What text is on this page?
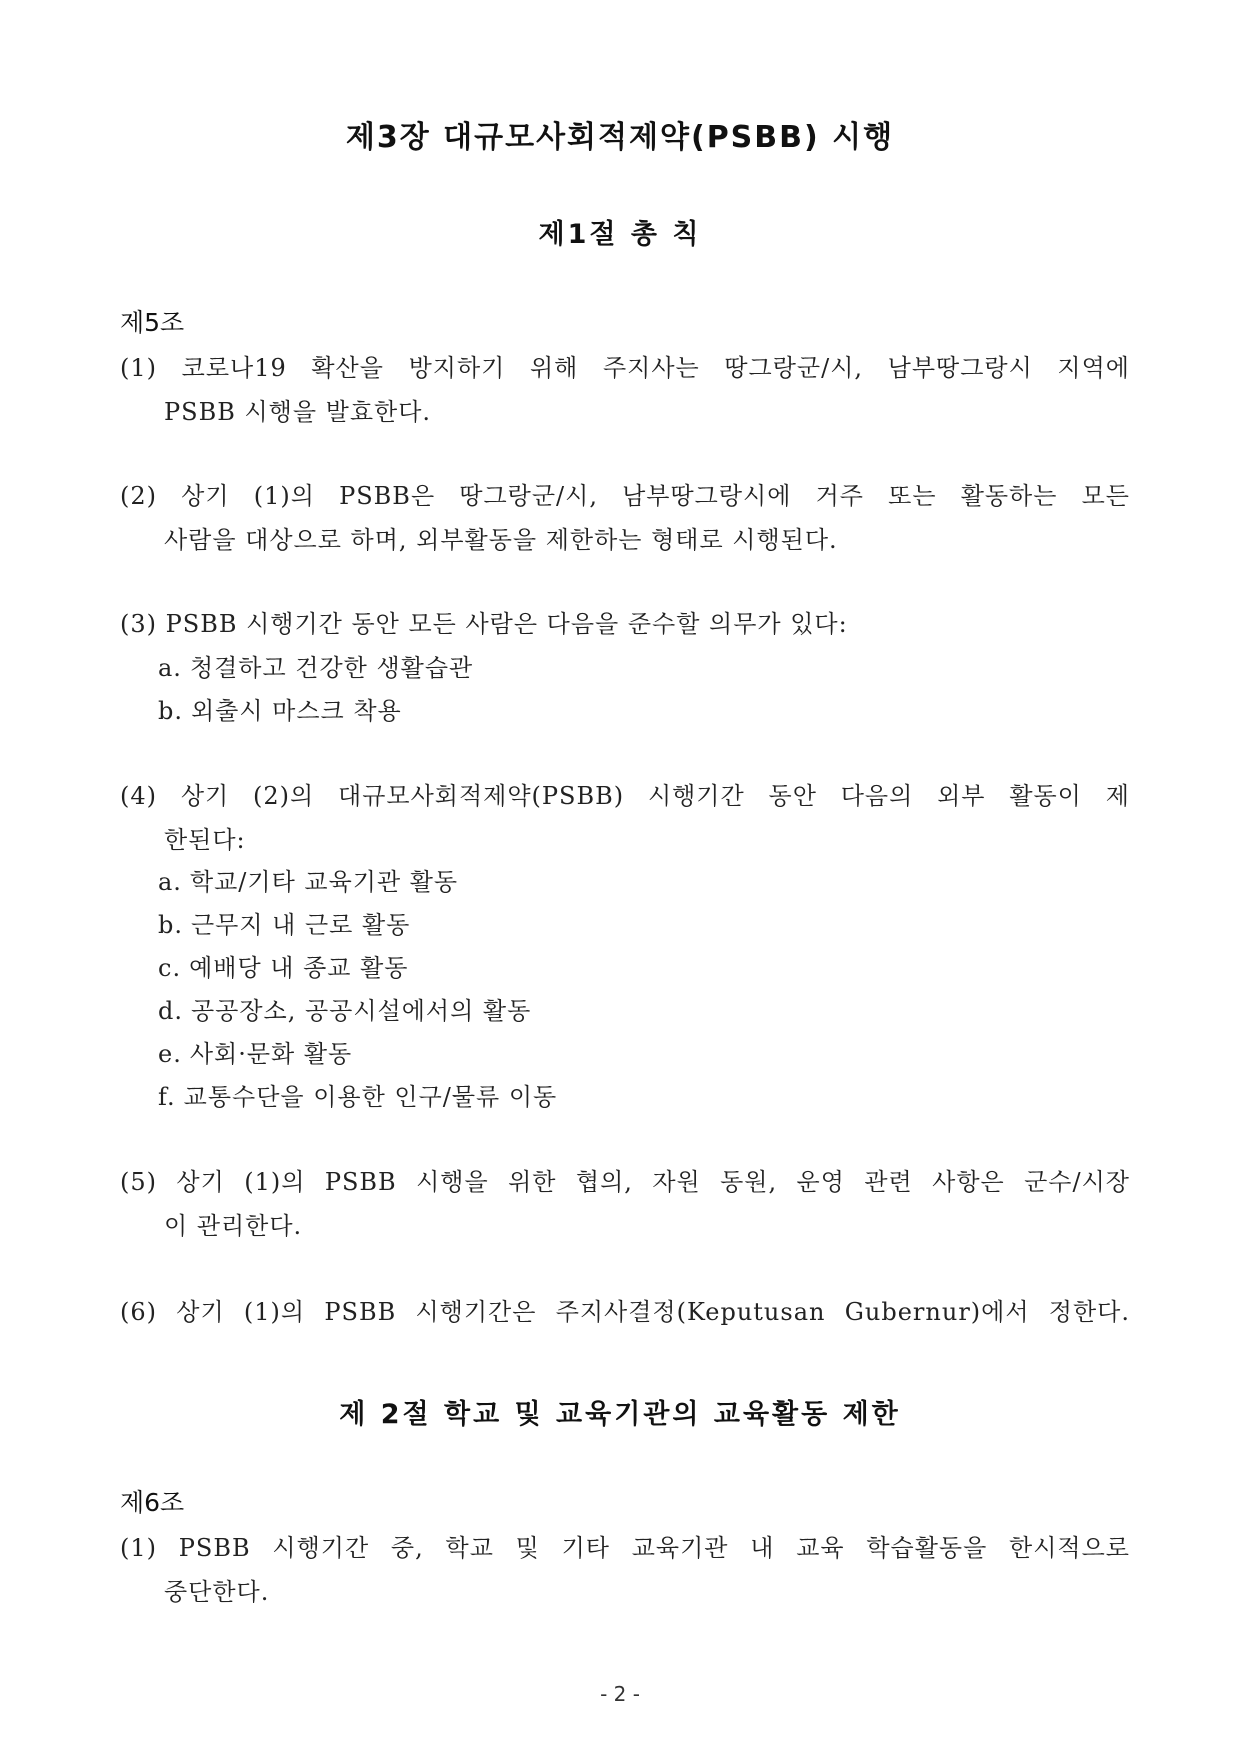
제3장 대규모사회적제약(PSBB) 시행
제1절 총 칙
제5조
(1) 코로나19 확산을 방지하기 위해 주지사는 땅그랑군/시, 남부땅그랑시 지역에
PSBB 시행을 발효한다.
(2) 상기 (1)의 PSBB은 땅그랑군/시, 남부땅그랑시에 거주 또는 활동하는 모든
사람을 대상으로 하며, 외부활동을 제한하는 형태로 시행된다.
(3) PSBB 시행기간 동안 모든 사람은 다음을 준수할 의무가 있다:
a. 청결하고 건강한 생활습관
b. 외출시 마스크 착용
(4) 상기 (2)의 대규모사회적제약(PSBB) 시행기간 동안 다음의 외부 활동이 제
한된다:
a. 학교/기타 교육기관 활동
b. 근무지 내 근로 활동
c. 예배당 내 종교 활동
d. 공공장소, 공공시설에서의 활동
e. 사회·문화 활동
f. 교통수단을 이용한 인구/물류 이동
(5) 상기 (1)의 PSBB 시행을 위한 협의, 자원 동원, 운영 관련 사항은 군수/시장
이 관리한다.
(6) 상기 (1)의 PSBB 시행기간은 주지사결정(Keputusan Gubernur)에서 정한다.
제 2절 학교 및 교육기관의 교육활동 제한
제6조
(1) PSBB 시행기간 중, 학교 및 기타 교육기관 내 교육 학습활동을 한시적으로
중단한다.
- 2 -
